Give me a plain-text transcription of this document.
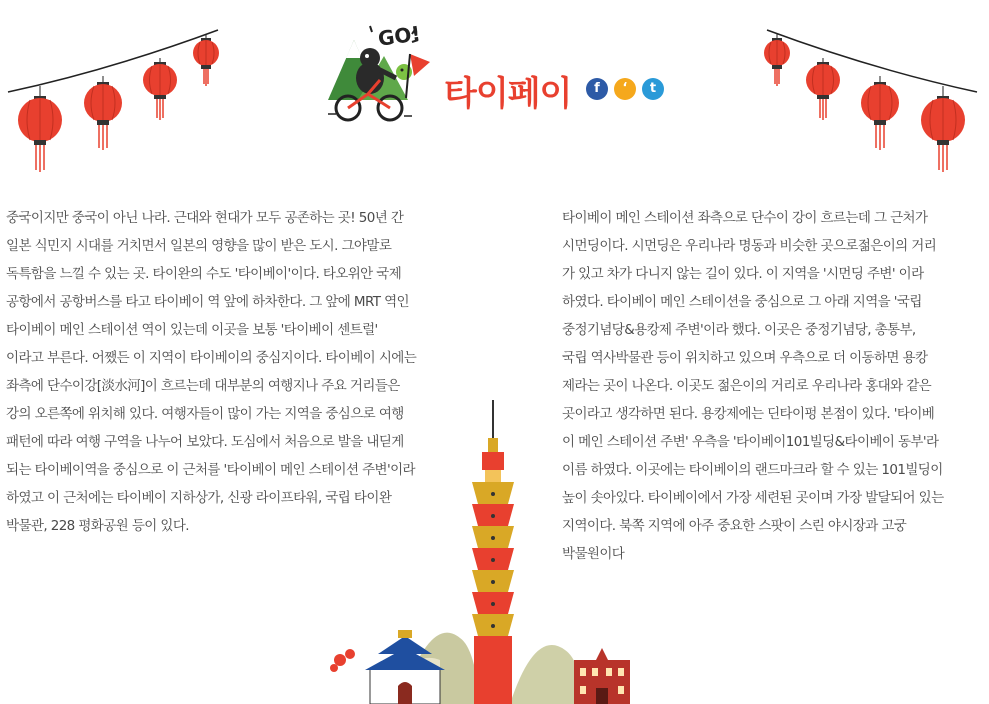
GO!
타이페이	f	‘	t

중국이지만 중국이 아닌 나라. 근대와 현대가 모두 공존하는 곳! 50년 간

일본 식민지 시대를 거치면서 일본의 영향을 많이 받은 도시. 그야말로

독특함을 느낄 수 있는 곳. 타이완의 수도 '타이베이'이다. 타오위안 국제

공항에서 공항버스를 타고 타이베이 역 앞에 하차한다. 그 앞에 MRT 역인

타이베이 메인 스테이션 역이 있는데 이곳을 보통 '타이베이 센트럴'

이라고 부른다. 어쨌든 이 지역이 타이베이의 중심지이다. 타이베이 시에는

좌측에 단수이강[淡水河]이 흐르는데 대부분의 여행지나 주요 거리들은

강의 오른쪽에 위치해 있다. 여행자들이 많이 가는 지역을 중심으로 여행

패턴에 따라 여행 구역을 나누어 보았다. 도심에서 처음으로 발을 내딛게

되는 타이베이역을 중심으로 이 근처를 '타이베이 메인 스테이션 주변'이라

하였고 이 근처에는 타이베이 지하상가, 신광 라이프타워, 국립 타이완

박물관, 228 평화공원 등이 있다.

타이베이 메인 스테이션 좌측으로 단수이 강이 흐르는데 그 근처가

시먼딩이다. 시먼딩은 우리나라 명동과 비슷한 곳으로젊은이의 거리

가 있고 차가 다니지 않는 길이 있다. 이 지역을 '시먼딩 주변' 이라

하였다. 타이베이 메인 스테이션을 중심으로 그 아래 지역을 '국립

중정기념당&용캉제 주변'이라 했다. 이곳은 중정기념당, 총통부,

국립 역사박물관 등이 위치하고 있으며 우측으로 더 이동하면 용캉

제라는 곳이 나온다. 이곳도 젊은이의 거리로 우리나라 홍대와 같은

곳이라고 생각하면 된다. 용캉제에는 딘타이펑 본점이 있다. '타이베

이 메인 스테이션 주변' 우측을 '타이베이101빌딩&타이베이 동부'라

이름 하였다. 이곳에는 타이베이의 랜드마크라 할 수 있는 101빌딩이

높이 솟아있다. 타이베이에서 가장 세련된 곳이며 가장 발달되어 있는

지역이다. 북쪽 지역에 아주 중요한 스팟이 스린 야시장과 고궁

박물원이다
